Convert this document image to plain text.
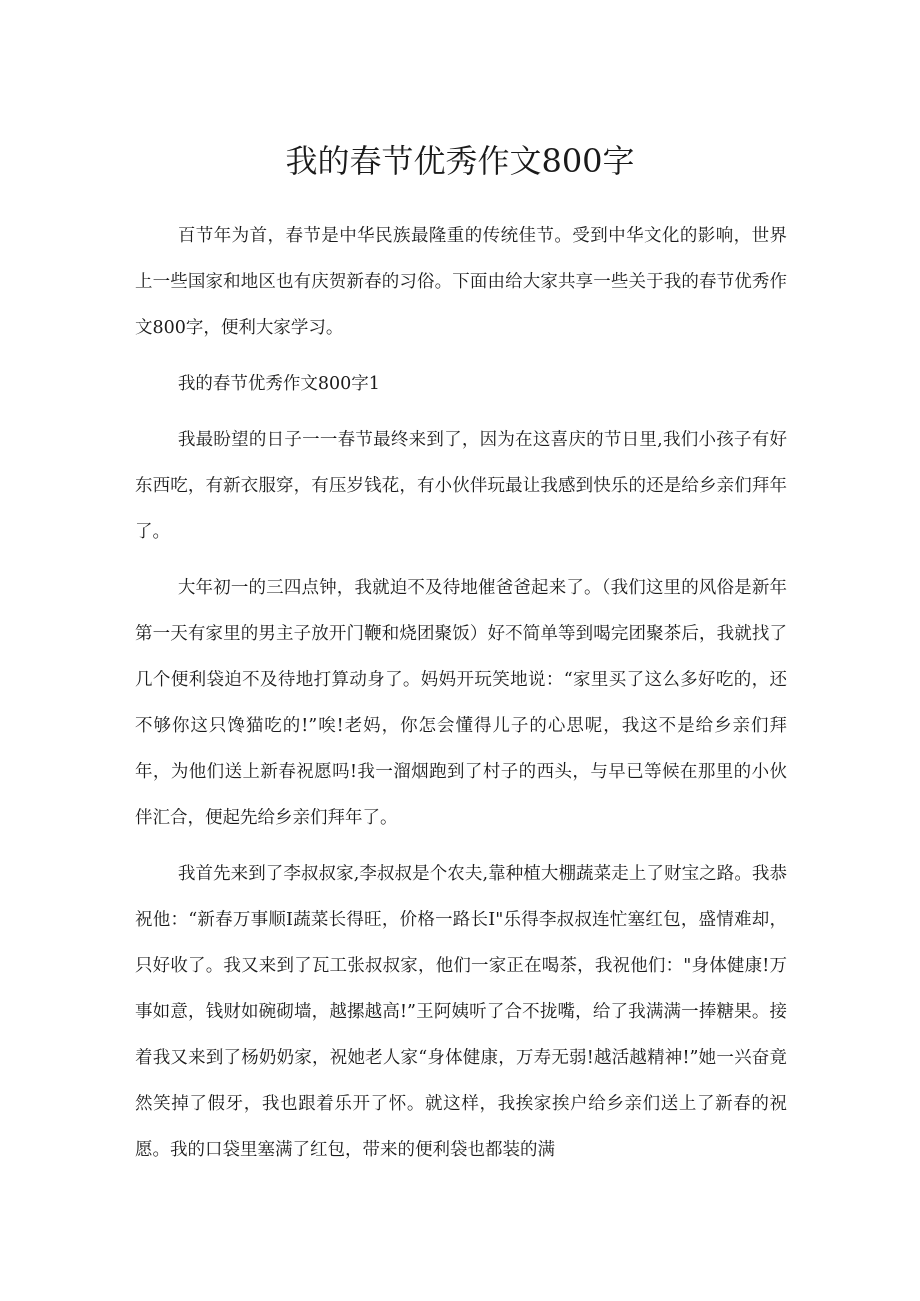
我的春节优秀作文800字

百节年为首，春节是中华民族最隆重的传统佳节。受到中华文化的影响，世界上一些国家和地区也有庆贺新春的习俗。下面由给大家共享一些关于我的春节优秀作文800字，便利大家学习。

我的春节优秀作文800字1

我最盼望的日子一一春节最终来到了，因为在这喜庆的节日里,我们小孩子有好东西吃，有新衣服穿，有压岁钱花，有小伙伴玩最让我感到快乐的还是给乡亲们拜年了。

大年初一的三四点钟，我就迫不及待地催爸爸起来了。（我们这里的风俗是新年第一天有家里的男主子放开门鞭和烧团聚饭）好不简单等到喝完团聚茶后，我就找了几个便利袋迫不及待地打算动身了。妈妈开玩笑地说：“家里买了这么多好吃的，还不够你这只馋猫吃的!”唉!老妈，你怎会懂得儿子的心思呢，我这不是给乡亲们拜年，为他们送上新春祝愿吗!我一溜烟跑到了村子的西头，与早已等候在那里的小伙伴汇合，便起先给乡亲们拜年了。

我首先来到了李叔叔家,李叔叔是个农夫,靠种植大棚蔬菜走上了财宝之路。我恭祝他：“新春万事顺I蔬菜长得旺，价格一路长I"乐得李叔叔连忙塞红包，盛情难却，只好收了。我又来到了瓦工张叔叔家，他们一家正在喝茶，我祝他们："身体健康!万事如意，钱财如碗砌墙，越摞越高!”王阿姨听了合不拢嘴，给了我满满一捧糖果。接着我又来到了杨奶奶家，祝她老人家“身体健康，万寿无弱!越活越精神!”她一兴奋竟然笑掉了假牙，我也跟着乐开了怀。就这样，我挨家挨户给乡亲们送上了新春的祝愿。我的口袋里塞满了红包，带来的便利袋也都装的满
